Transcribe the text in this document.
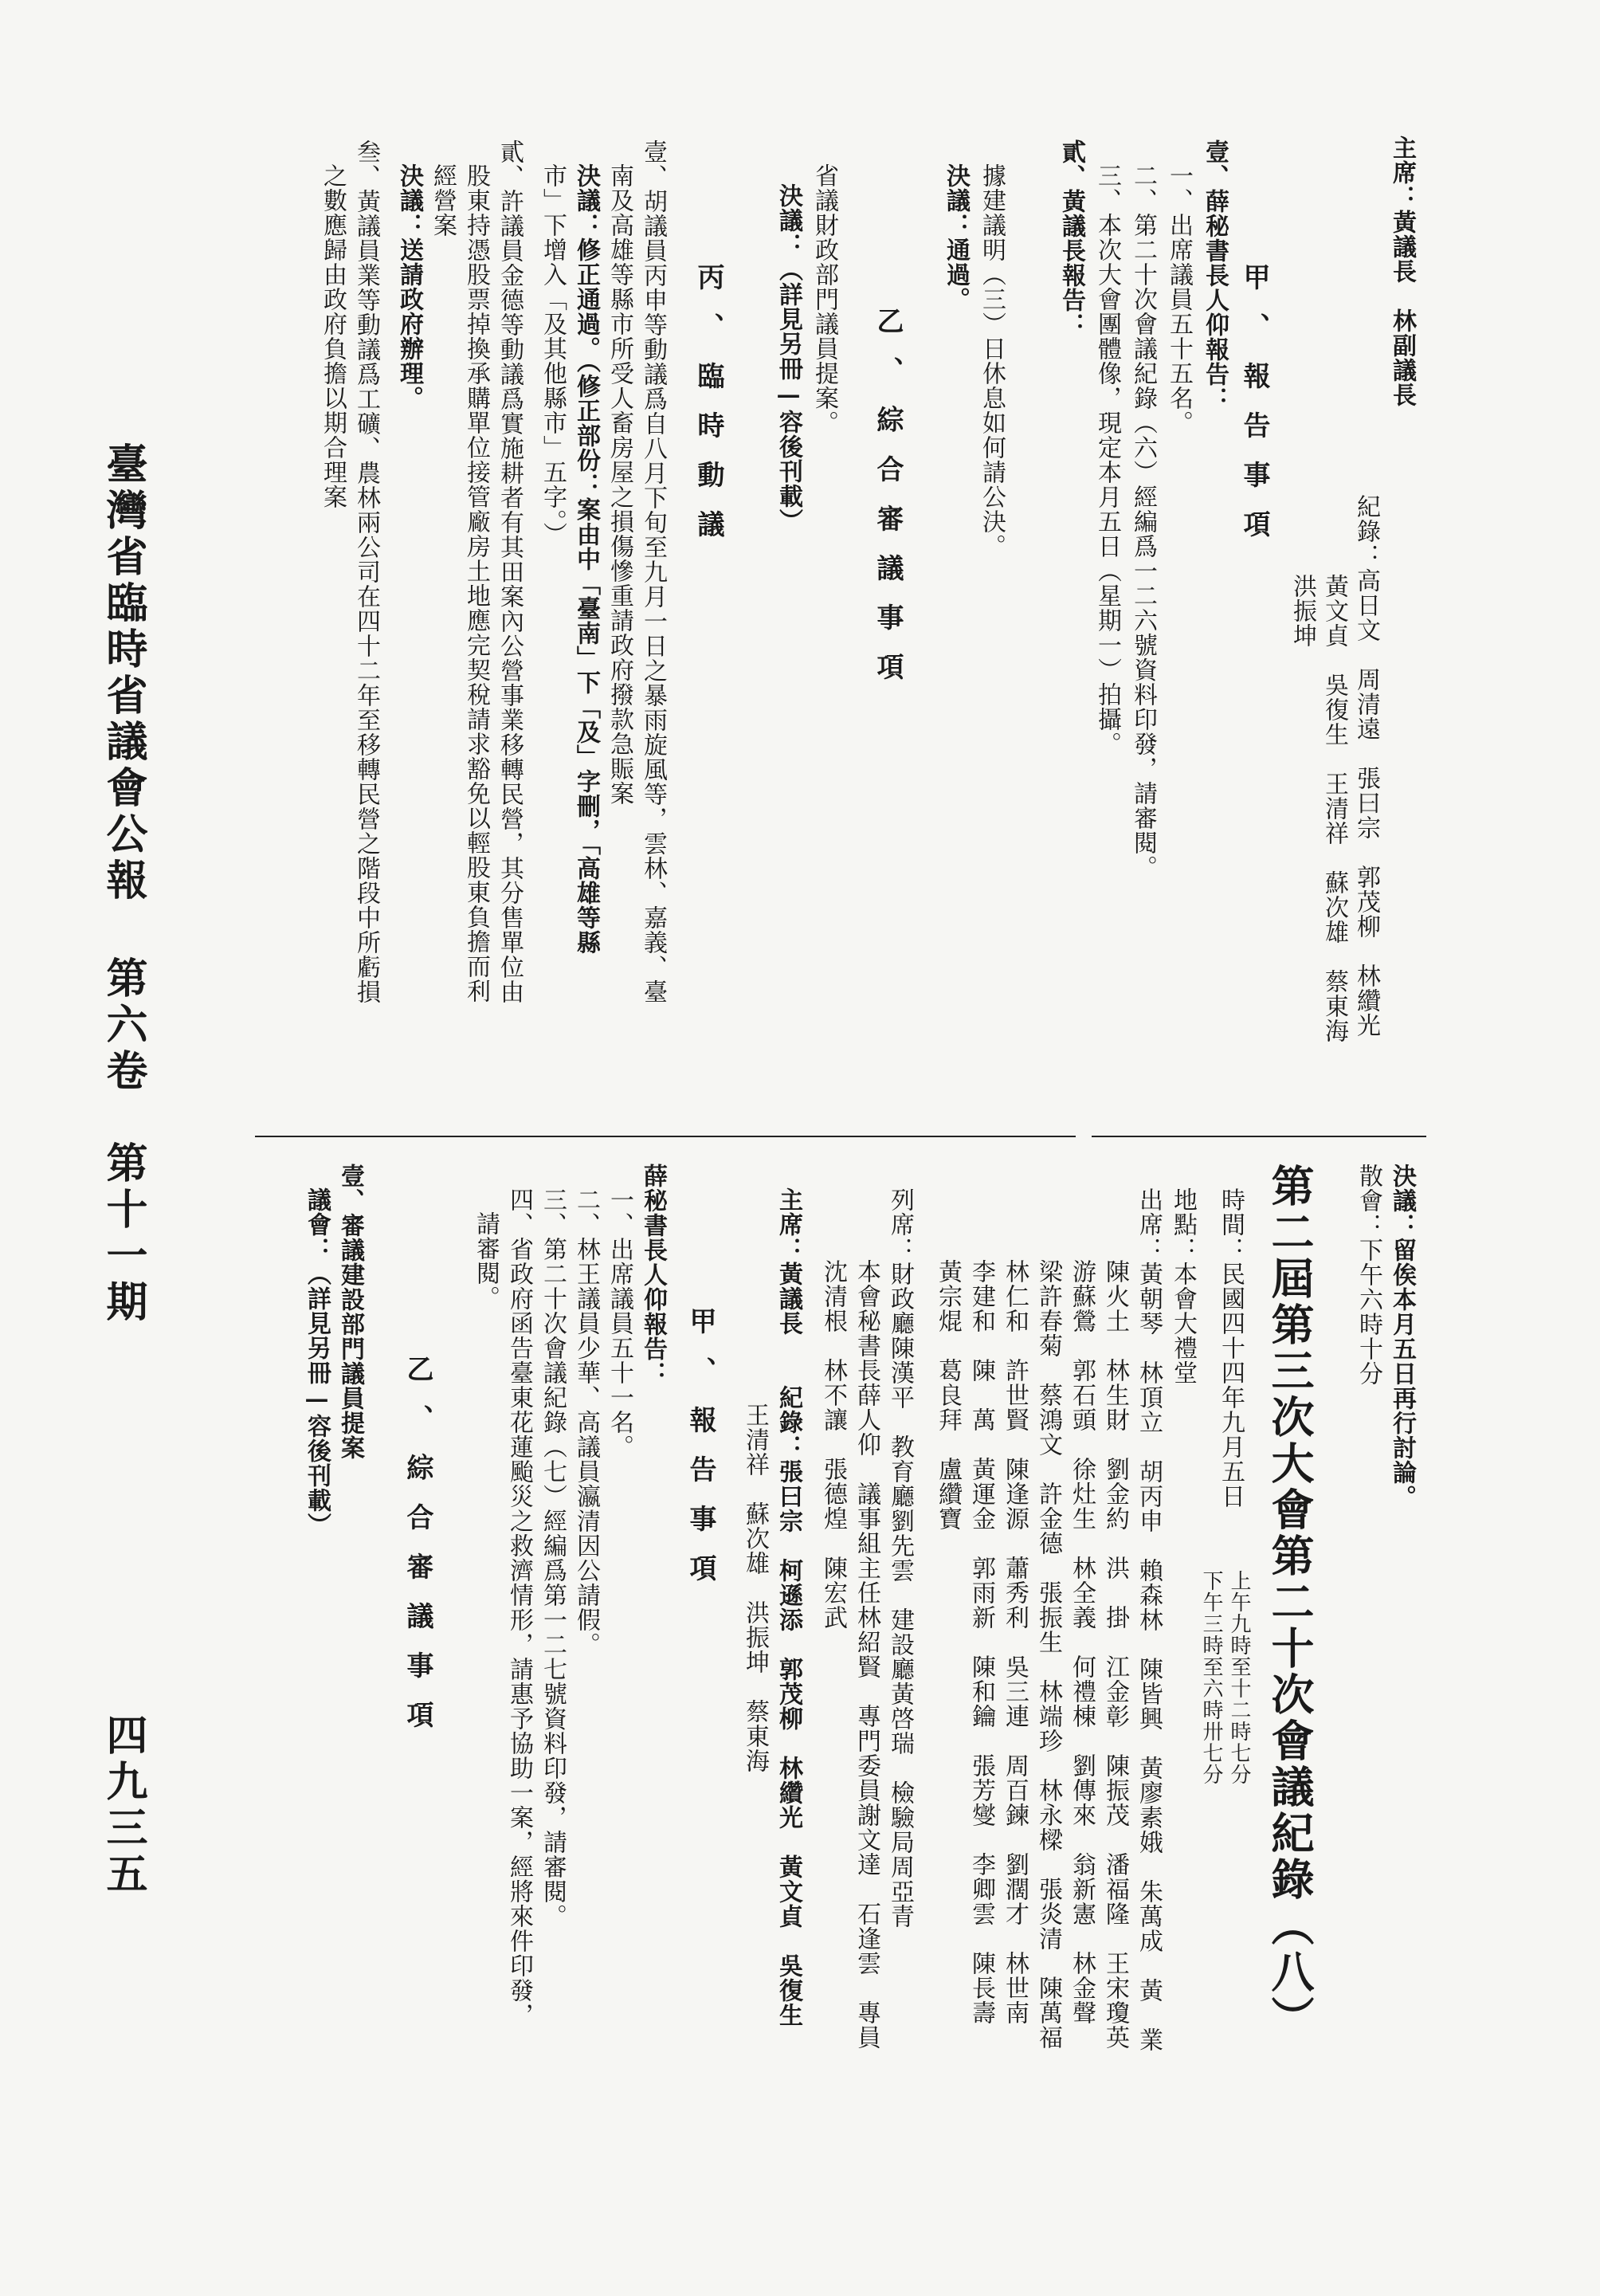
主席：黃議長　林副議長
紀錄：高日文　周清遠　張曰宗　郭茂柳　林纘光
黃文貞　吳復生　王清祥　蘇次雄　蔡東海
洪振坤
甲、報告事項
壹、薛秘書長人仰報告：
一、出席議員五十五名。
二、第二十次會議紀錄（六）經編爲一二六號資料印發，請審閱。
三、本次大會團體像，現定本月五日（星期一）拍攝。
貳、黃議長報告：
據建議明（三）日休息如何請公決。
決議：通過。
乙、綜合審議事項
省議財政部門議員提案。
決議：（詳見另冊—容後刊載）
丙、臨時動議
壹、胡議員丙申等動議爲自八月下旬至九月一日之暴雨旋風等，雲林、嘉義、臺
南及高雄等縣市所受人畜房屋之損傷慘重請政府撥款急賑案
決議：修正通過。（修正部份：案由中「臺南」下「及」字刪，「高雄等縣
市」下增入「及其他縣市」五字。）
貳、許議員金德等動議爲實施耕者有其田案內公營事業移轉民營，其分售單位由
股東持憑股票掉換承購單位接管廠房土地應完契稅請求豁免以輕股東負擔而利
經營案
決議：送請政府辦理。
叁、黃議員業等動議爲工礦、農林兩公司在四十二年至移轉民營之階段中所虧損
之數應歸由政府負擔以期合理案
決議：留俟本月五日再行討論。
散會：下午六時十分
第二屆第三次大會第二十次會議紀錄（八）
時間：民國四十四年九月五日
上午九時至十二時七分
下午三時至六時卅七分
地點：本會大禮堂
出席：黃朝琴　林頂立　胡丙申　賴森林　陳皆興　黃廖素娥　朱萬成　黃　業
陳火土　林生財　劉金約　洪　掛　江金彰　陳振茂　潘福隆　王宋瓊英
游蘇鶯　郭石頭　徐灶生　林全義　何禮棟　劉傳來　翁新憲　林金聲
梁許春菊　蔡鴻文　許金德　張振生　林端珍　林永樑　張炎清　陳萬福
林仁和　許世賢　陳逢源　蕭秀利　吳三連　周百鍊　劉濶才　林世南
李建和　陳　萬　黃運金　郭雨新　陳和鑰　張芳燮　李卿雲　陳長壽
黃宗焜　葛良拜　盧纘寶
列席：財政廳陳漢平　教育廳劉先雲　建設廳黃啓瑞　檢驗局周亞青
本會秘書長薛人仰　議事組主任林紹賢　專門委員謝文達　石逢雲　專員
沈清根　林不讓　張德煌　陳宏武
主席：黃議長　　紀錄：張曰宗　柯遜添　郭茂柳　林纘光　黃文貞　吳復生
王清祥　蘇次雄　洪振坤　蔡東海
甲、報告事項
薛秘書長人仰報告：
一、出席議員五十一名。
二、林王議員少華、高議員瀛清因公請假。
三、第二十次會議紀錄（七）經編爲第一二七號資料印發，請審閱。
四、省政府函告臺東花蓮颱災之救濟情形，請惠予協助一案，經將來件印發，
請審閱。
乙、綜合審議事項
壹、審議建設部門議員提案
議會：（詳見另冊—容後刊載）
臺灣省臨時省議會公報
第六卷　第十一期
四九三五
